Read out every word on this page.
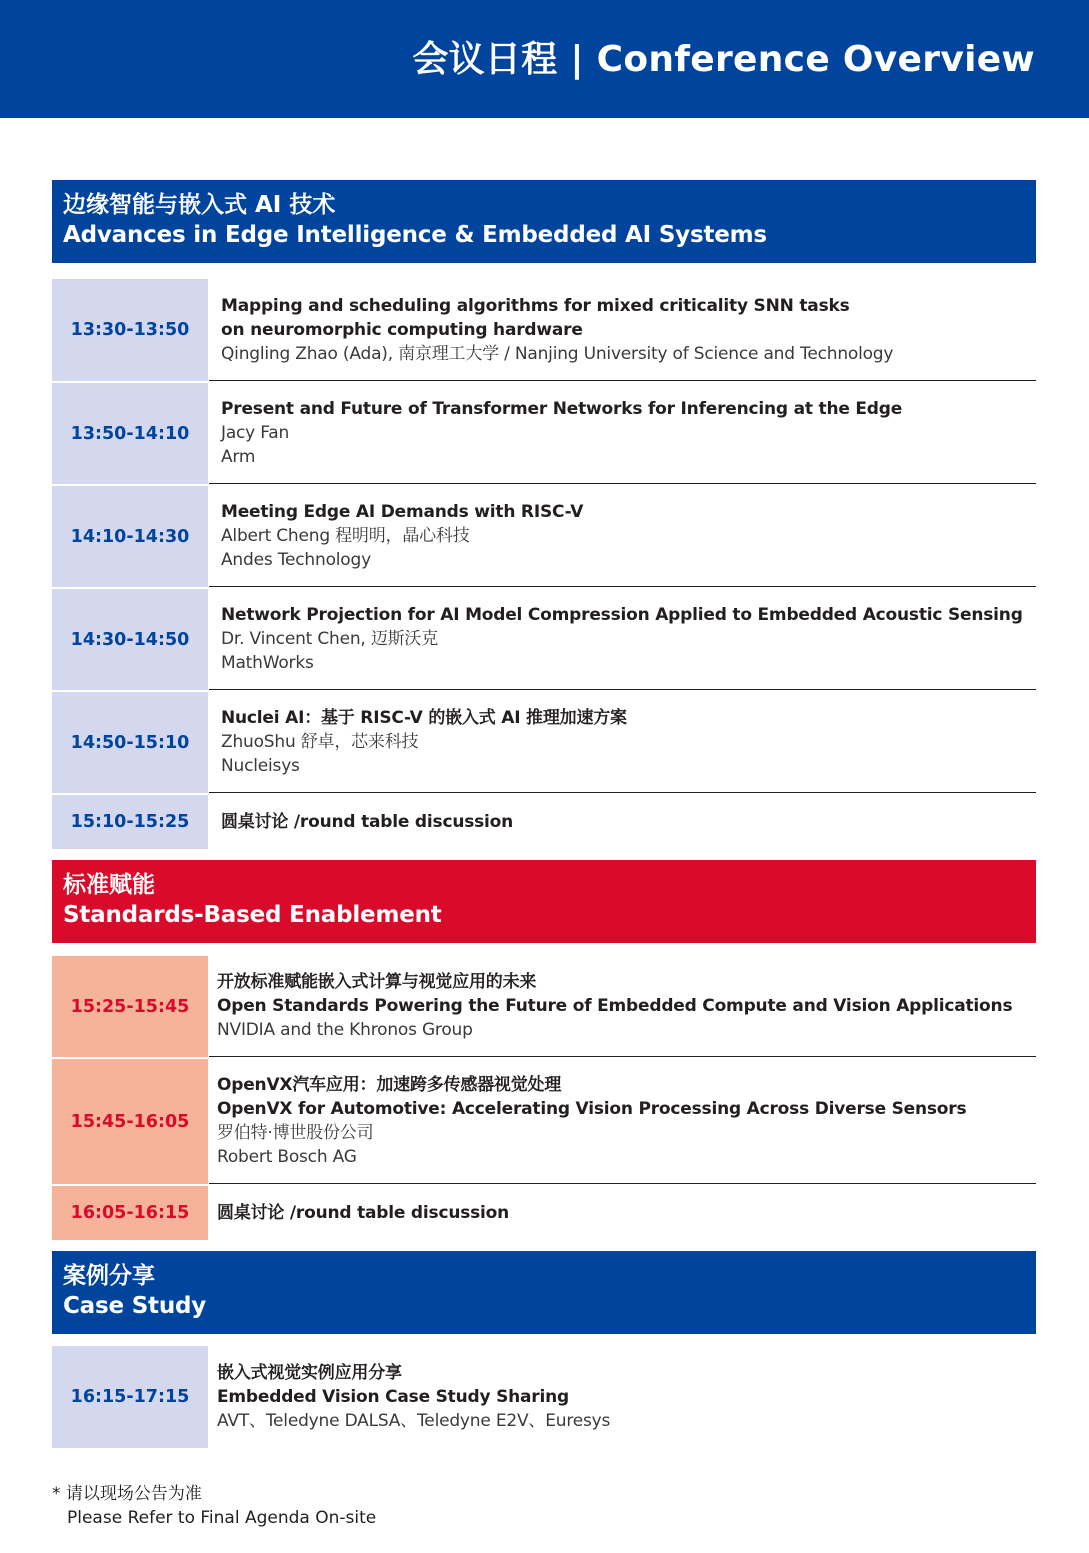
会议日程 | Conference Overview
边缘智能与嵌入式 AI 技术
Advances in Edge Intelligence & Embedded AI Systems
13:30-13:50
Mapping and scheduling algorithms for mixed criticality SNN tasks
on neuromorphic computing hardware
Qingling Zhao (Ada), 南京理工大学 / Nanjing University of Science and Technology
13:50-14:10
Present and Future of Transformer Networks for Inferencing at the Edge
Jacy Fan
Arm
14:10-14:30
Meeting Edge AI Demands with RISC-V
Albert Cheng 程明明，晶心科技
Andes Technology
14:30-14:50
Network Projection for AI Model Compression Applied to Embedded Acoustic Sensing
Dr. Vincent Chen, 迈斯沃克
MathWorks
14:50-15:10
Nuclei AI：基于 RISC-V 的嵌入式 AI 推理加速方案
ZhuoShu 舒卓，芯来科技
Nucleisys
15:10-15:25	圆桌讨论 /round table discussion
标准赋能
Standards-Based Enablement
15:25-15:45
开放标准赋能嵌入式计算与视觉应用的未来
Open Standards Powering the Future of Embedded Compute and Vision Applications
NVIDIA and the Khronos Group
15:45-16:05
OpenVX汽车应用：加速跨多传感器视觉处理
OpenVX for Automotive: Accelerating Vision Processing Across Diverse Sensors
罗伯特·博世股份公司
Robert Bosch AG
16:05-16:15	圆桌讨论 /round table discussion
案例分享
Case Study
16:15-17:15
嵌入式视觉实例应用分享
Embedded Vision Case Study Sharing
AVT、Teledyne DALSA、Teledyne E2V、Euresys
* 请以现场公告为准
Please Refer to Final Agenda On-site
